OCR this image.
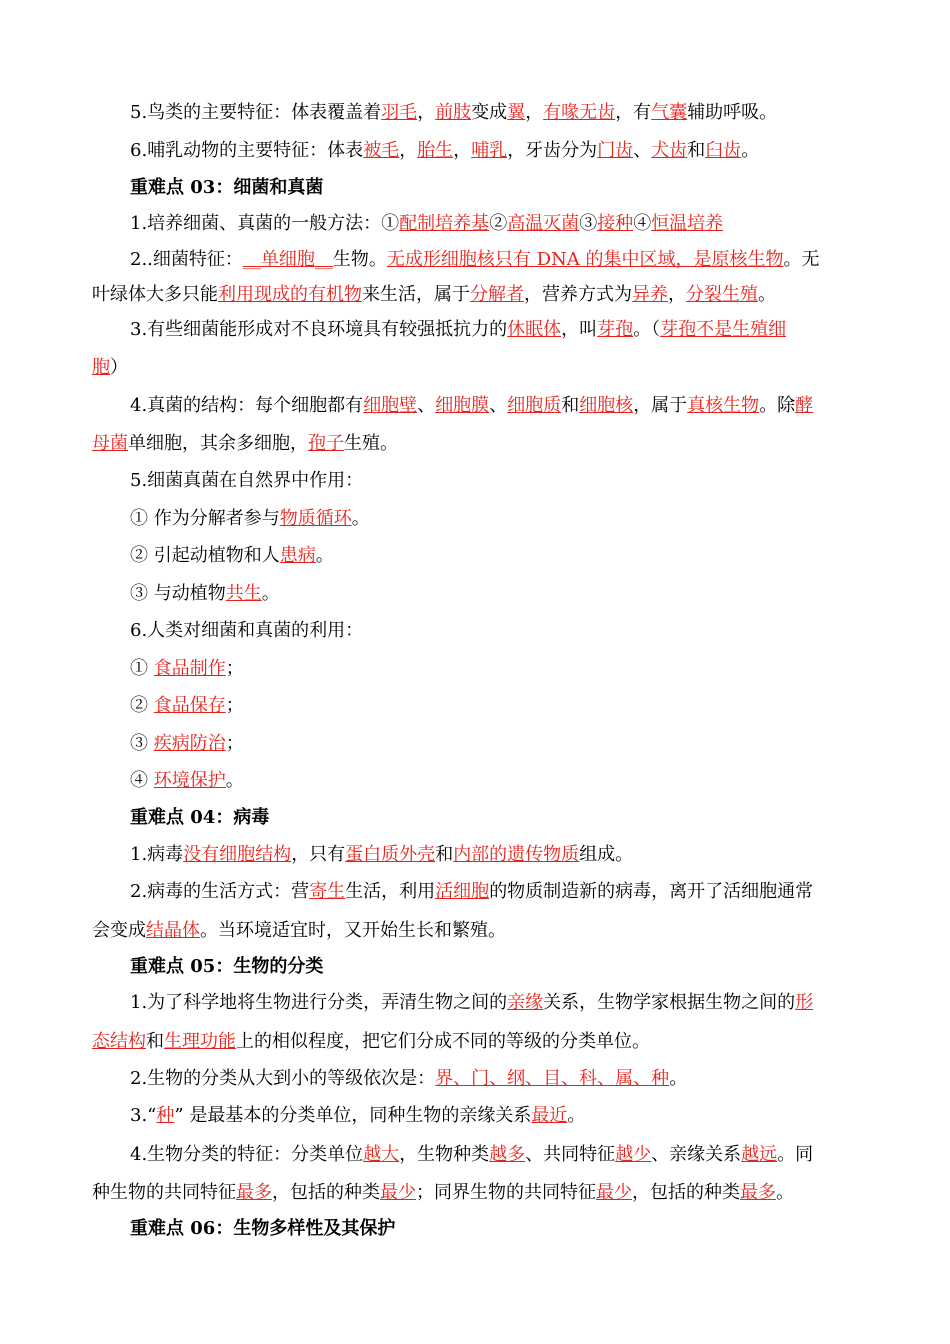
5.鸟类的主要特征：体表覆盖着羽毛，前肢变成翼，有喙无齿，有气囊辅助呼吸。
6.哺乳动物的主要特征：体表被毛，胎生，哺乳，牙齿分为门齿、犬齿和臼齿。
重难点 03：细菌和真菌
1.培养细菌、真菌的一般方法：①配制培养基②高温灭菌③接种④恒温培养
2..细菌特征：__单细胞__生物。无成形细胞核只有 DNA 的集中区域，是原核生物。无
叶绿体大多只能利用现成的有机物来生活，属于分解者，营养方式为异养，分裂生殖。
3.有些细菌能形成对不良环境具有较强抵抗力的休眠体，叫芽孢。（芽孢不是生殖细
胞）
4.真菌的结构：每个细胞都有细胞壁、细胞膜、细胞质和细胞核，属于真核生物。除酵
母菌单细胞，其余多细胞，孢子生殖。
5.细菌真菌在自然界中作用：
① 作为分解者参与物质循环。
② 引起动植物和人患病。
③ 与动植物共生。
6.人类对细菌和真菌的利用：
① 食品制作；
② 食品保存；
③ 疾病防治；
④ 环境保护。
重难点 04：病毒
1.病毒没有细胞结构，只有蛋白质外壳和内部的遗传物质组成。
2.病毒的生活方式：营寄生生活，利用活细胞的物质制造新的病毒，离开了活细胞通常
会变成结晶体。当环境适宜时，又开始生长和繁殖。
重难点 05：生物的分类
1.为了科学地将生物进行分类，弄清生物之间的亲缘关系，生物学家根据生物之间的形
态结构和生理功能上的相似程度，把它们分成不同的等级的分类单位。
2.生物的分类从大到小的等级依次是：界、门、纲、目、科、属、种。
3.“种” 是最基本的分类单位，同种生物的亲缘关系最近。
4.生物分类的特征：分类单位越大，生物种类越多、共同特征越少、亲缘关系越远。同
种生物的共同特征最多，包括的种类最少；同界生物的共同特征最少，包括的种类最多。
重难点 06：生物多样性及其保护
